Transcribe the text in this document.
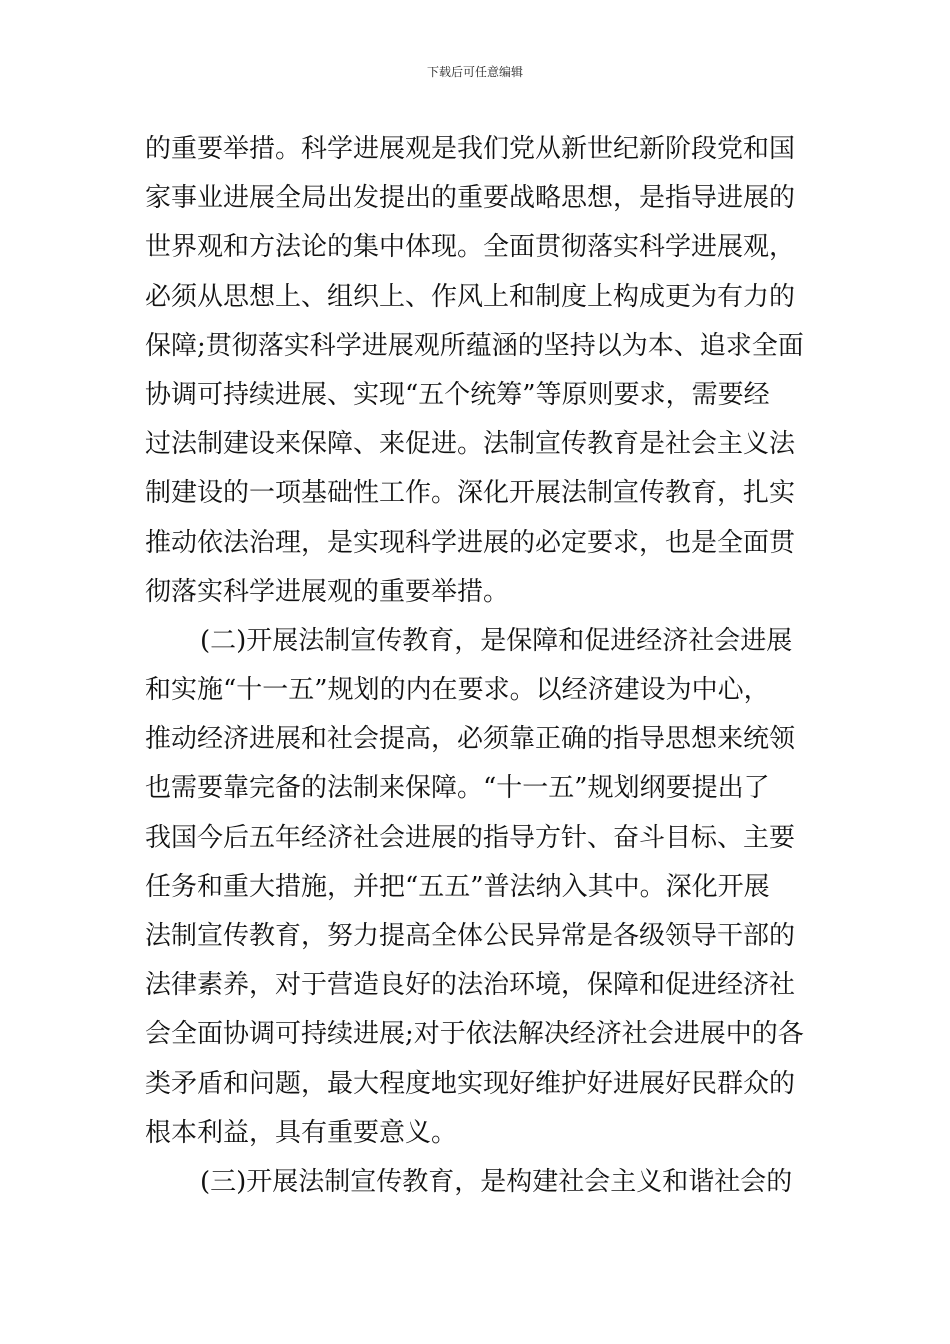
下载后可任意编辑
的重要举措。科学进展观是我们党从新世纪新阶段党和国
家事业进展全局出发提出的重要战略思想，是指导进展的
世界观和方法论的集中体现。全面贯彻落实科学进展观，
必须从思想上、组织上、作风上和制度上构成更为有力的
保障;贯彻落实科学进展观所蕴涵的坚持以为本、追求全面
协调可持续进展、实现“五个统筹”等原则要求，需要经
过法制建设来保障、来促进。法制宣传教育是社会主义法
制建设的一项基础性工作。深化开展法制宣传教育，扎实
推动依法治理，是实现科学进展的必定要求，也是全面贯
彻落实科学进展观的重要举措。
(二)开展法制宣传教育，是保障和促进经济社会进展
和实施“十一五”规划的内在要求。以经济建设为中心，
推动经济进展和社会提高，必须靠正确的指导思想来统领
也需要靠完备的法制来保障。“十一五”规划纲要提出了
我国今后五年经济社会进展的指导方针、奋斗目标、主要
任务和重大措施，并把“五五”普法纳入其中。深化开展
法制宣传教育，努力提高全体公民异常是各级领导干部的
法律素养，对于营造良好的法治环境，保障和促进经济社
会全面协调可持续进展;对于依法解决经济社会进展中的各
类矛盾和问题，最大程度地实现好维护好进展好民群众的
根本利益，具有重要意义。
(三)开展法制宣传教育，是构建社会主义和谐社会的
